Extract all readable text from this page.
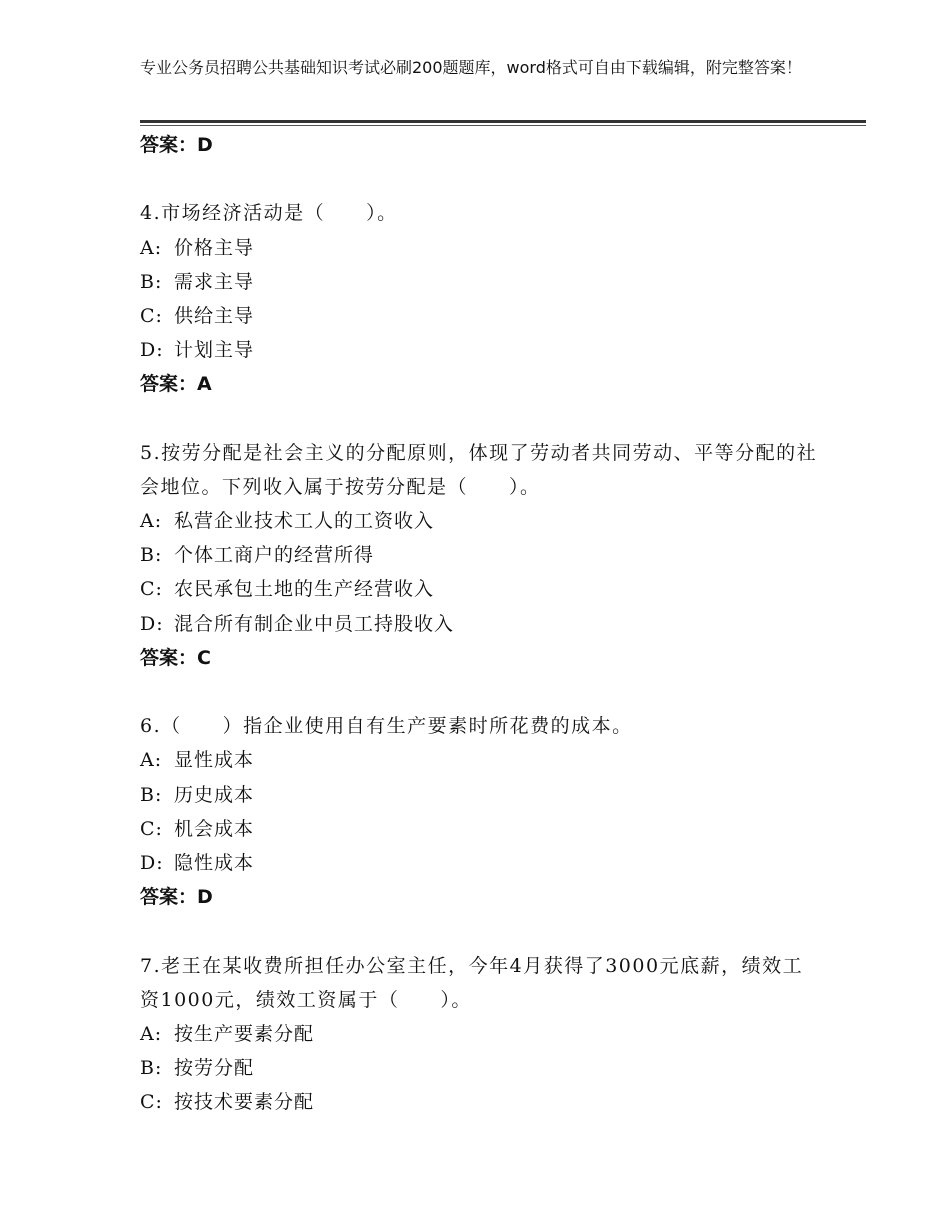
专业公务员招聘公共基础知识考试必刷200题题库，word格式可自由下载编辑，附完整答案！
答案：D
4.市场经济活动是（　　）。
A: 价格主导
B: 需求主导
C: 供给主导
D: 计划主导
答案：A
5.按劳分配是社会主义的分配原则，体现了劳动者共同劳动、平等分配的社会地位。下列收入属于按劳分配是（　　）。
A: 私营企业技术工人的工资收入
B: 个体工商户的经营所得
C: 农民承包土地的生产经营收入
D: 混合所有制企业中员工持股收入
答案：C
6.（　　）指企业使用自有生产要素时所花费的成本。
A: 显性成本
B: 历史成本
C: 机会成本
D: 隐性成本
答案：D
7.老王在某收费所担任办公室主任，今年4月获得了3000元底薪，绩效工资1000元，绩效工资属于（　　）。
A: 按生产要素分配
B: 按劳分配
C: 按技术要素分配
